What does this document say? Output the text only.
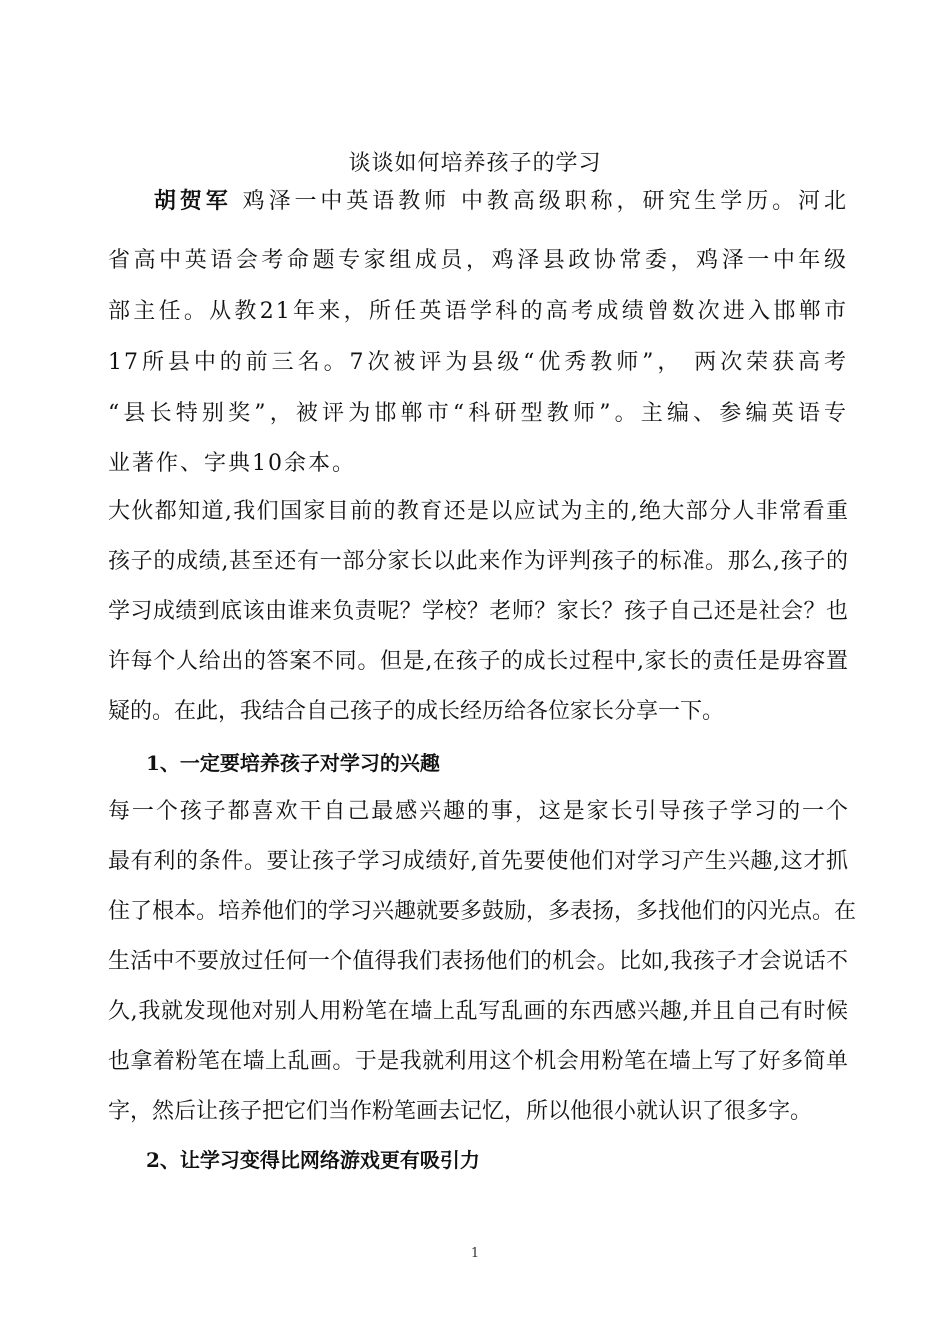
谈谈如何培养孩子的学习
胡贺军 鸡泽一中英语教师 中教高级职称，研究生学历。河北
省高中英语会考命题专家组成员，鸡泽县政协常委，鸡泽一中年级
部主任。从教21年来，所任英语学科的高考成绩曾数次进入邯郸市
17所县中的前三名。7次被评为县级“优秀教师”， 两次荣获高考
“县长特别奖”，被评为邯郸市“科研型教师”。主编、参编英语专
业著作、字典10余本。
大伙都知道,我们国家目前的教育还是以应试为主的,绝大部分人非常看重
孩子的成绩,甚至还有一部分家长以此来作为评判孩子的标准。那么,孩子的
学习成绩到底该由谁来负责呢？学校？老师？家长？孩子自己还是社会？也
许每个人给出的答案不同。但是,在孩子的成长过程中,家长的责任是毋容置
疑的。在此，我结合自己孩子的成长经历给各位家长分享一下。
1、一定要培养孩子对学习的兴趣
每一个孩子都喜欢干自己最感兴趣的事，这是家长引导孩子学习的一个
最有利的条件。要让孩子学习成绩好,首先要使他们对学习产生兴趣,这才抓
住了根本。培养他们的学习兴趣就要多鼓励，多表扬，多找他们的闪光点。在
生活中不要放过任何一个值得我们表扬他们的机会。比如,我孩子才会说话不
久,我就发现他对别人用粉笔在墙上乱写乱画的东西感兴趣,并且自己有时候
也拿着粉笔在墙上乱画。于是我就利用这个机会用粉笔在墙上写了好多简单
字，然后让孩子把它们当作粉笔画去记忆，所以他很小就认识了很多字。
2、让学习变得比网络游戏更有吸引力
1
